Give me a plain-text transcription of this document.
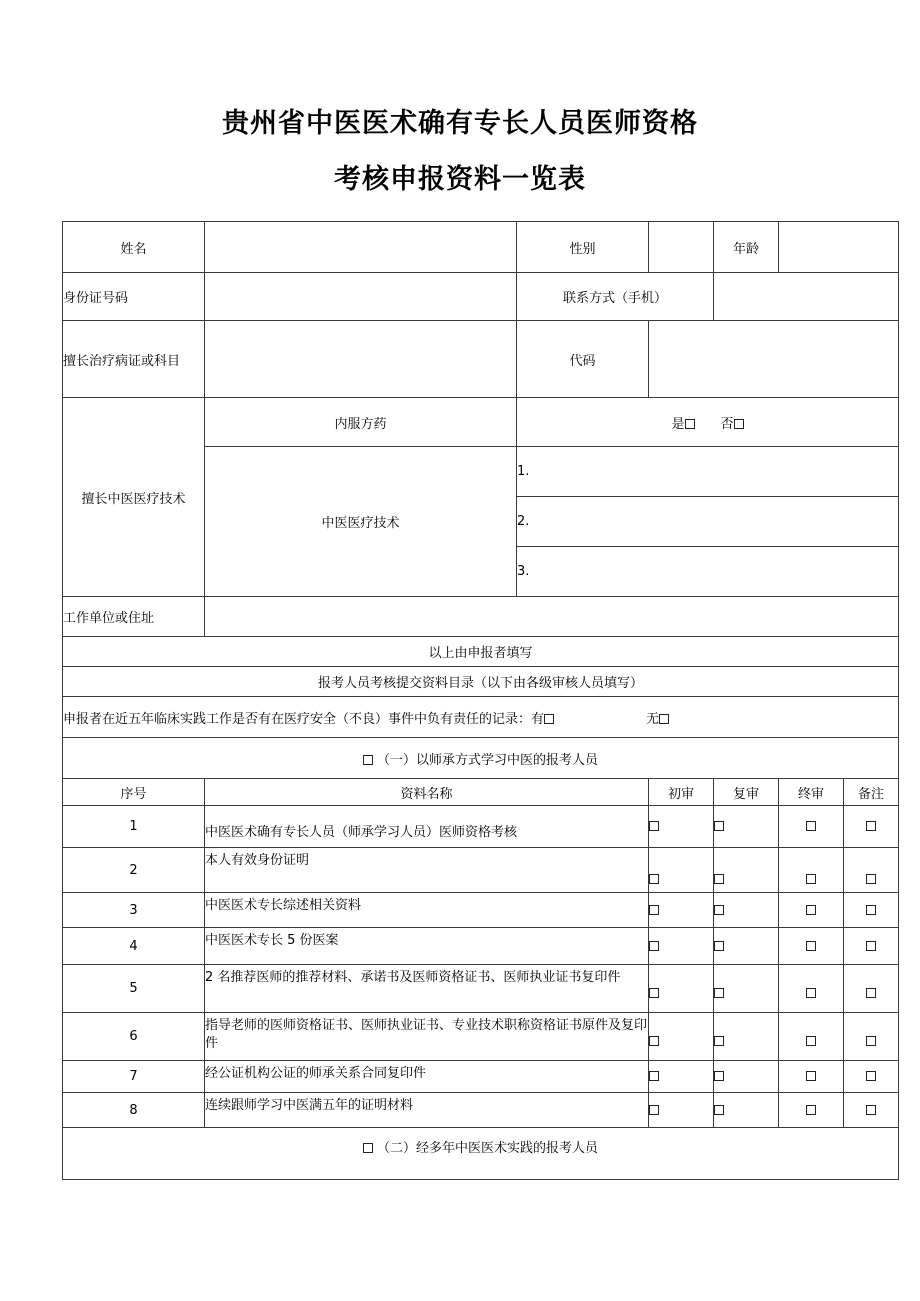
贵州省中医医术确有专长人员医师资格
考核申报资料一览表
姓名		性别		年龄		
身份证号码		联系方式（手机）				
擅长治疗病证或科目		代码				
擅长中医医疗技术	内服方药	是 否				
	中医医疗技术	1.				
		2.				
		3.				
工作单位或住址						
以上由申报者填写						
报考人员考核提交资料目录（以下由各级审核人员填写）						
申报者在近五年临床实践工作是否有在医疗安全（不良）事件中负有责任的记录：有 无						
（一）以师承方式学习中医的报考人员						
序号	资料名称		初审	复审	终审	备注
1	中医医术确有专长人员（师承学习人员）医师资格考核					
2	本人有效身份证明					
3	中医医术专长综述相关资料					
4	中医医术专长 5 份医案					
5	2 名推荐医师的推荐材料、承诺书及医师资格证书、医师执业证书复印件					
6	指导老师的医师资格证书、医师执业证书、专业技术职称资格证书原件及复印件					
7	经公证机构公证的师承关系合同复印件					
8	连续跟师学习中医满五年的证明材料					
（二）经多年中医医术实践的报考人员						
